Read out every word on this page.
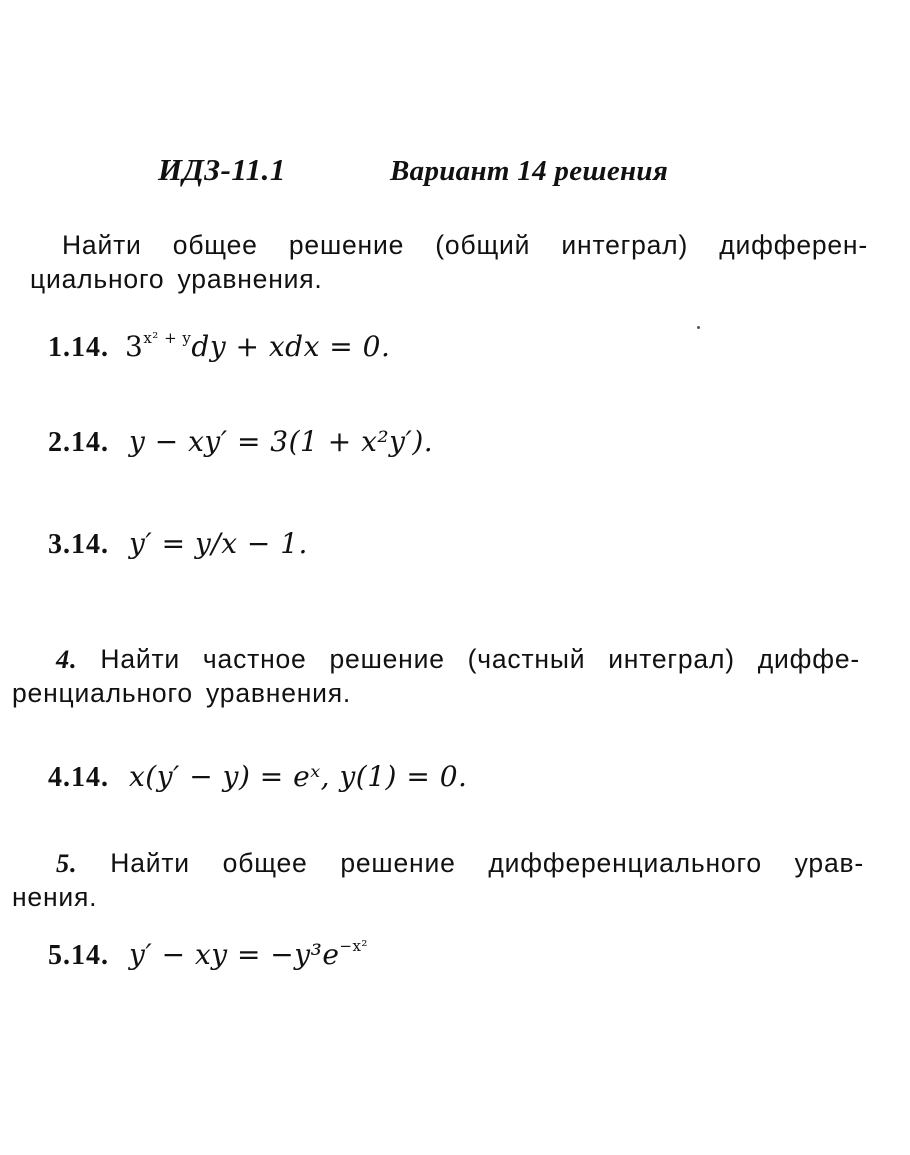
ИДЗ-11.1	Вариант 14 решения
Найти общее решение (общий интеграл) дифферен-
циального уравнения.
1.14. $3^{x^2 + y}dy$ + xdx = 0.
2.14. y − xy′ = 3(1 + x²y′).
3.14. y′ = y/x − 1.
4. Найти частное решение (частный интеграл) диффе-
ренциального уравнения.
4.14. x(y′ − y) = eˣ, y(1) = 0.
5. Найти общее решение дифференциального урав-
нения.
5.14. y′ − xy = $-y^3e^{-x^2}$
